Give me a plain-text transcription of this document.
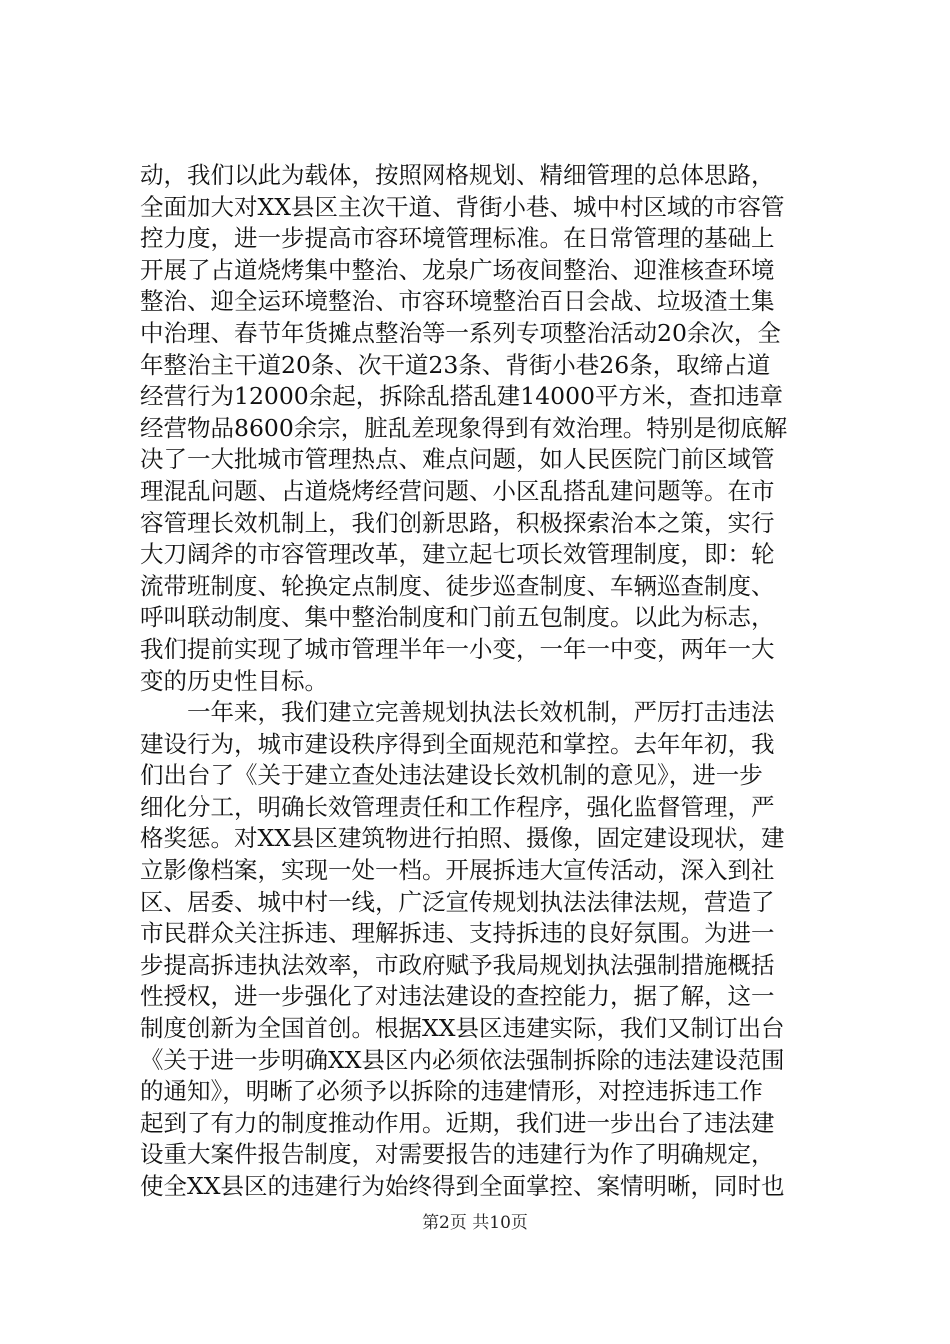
动，我们以此为载体，按照网格规划、精细管理的总体思路，
全面加大对XX县区主次干道、背街小巷、城中村区域的市容管
控力度，进一步提高市容环境管理标准。在日常管理的基础上
开展了占道烧烤集中整治、龙泉广场夜间整治、迎淮核查环境
整治、迎全运环境整治、市容环境整治百日会战、垃圾渣土集
中治理、春节年货摊点整治等一系列专项整治活动20余次，全
年整治主干道20条、次干道23条、背街小巷26条，取缔占道
经营行为12000余起，拆除乱搭乱建14000平方米，查扣违章
经营物品8600余宗，脏乱差现象得到有效治理。特别是彻底解
决了一大批城市管理热点、难点问题，如人民医院门前区域管
理混乱问题、占道烧烤经营问题、小区乱搭乱建问题等。在市
容管理长效机制上，我们创新思路，积极探索治本之策，实行
大刀阔斧的市容管理改革，建立起七项长效管理制度，即：轮
流带班制度、轮换定点制度、徒步巡查制度、车辆巡查制度、
呼叫联动制度、集中整治制度和门前五包制度。以此为标志，
我们提前实现了城市管理半年一小变，一年一中变，两年一大
变的历史性目标。
　　一年来，我们建立完善规划执法长效机制，严厉打击违法
建设行为，城市建设秩序得到全面规范和掌控。去年年初，我
们出台了《关于建立查处违法建设长效机制的意见》，进一步
细化分工，明确长效管理责任和工作程序，强化监督管理，严
格奖惩。对XX县区建筑物进行拍照、摄像，固定建设现状，建
立影像档案，实现一处一档。开展拆违大宣传活动，深入到社
区、居委、城中村一线，广泛宣传规划执法法律法规，营造了
市民群众关注拆违、理解拆违、支持拆违的良好氛围。为进一
步提高拆违执法效率，市政府赋予我局规划执法强制措施概括
性授权，进一步强化了对违法建设的查控能力，据了解，这一
制度创新为全国首创。根据XX县区违建实际，我们又制订出台
《关于进一步明确XX县区内必须依法强制拆除的违法建设范围
的通知》，明晰了必须予以拆除的违建情形，对控违拆违工作
起到了有力的制度推动作用。近期，我们进一步出台了违法建
设重大案件报告制度，对需要报告的违建行为作了明确规定，
使全XX县区的违建行为始终得到全面掌控、案情明晰，同时也
第2页 共10页
